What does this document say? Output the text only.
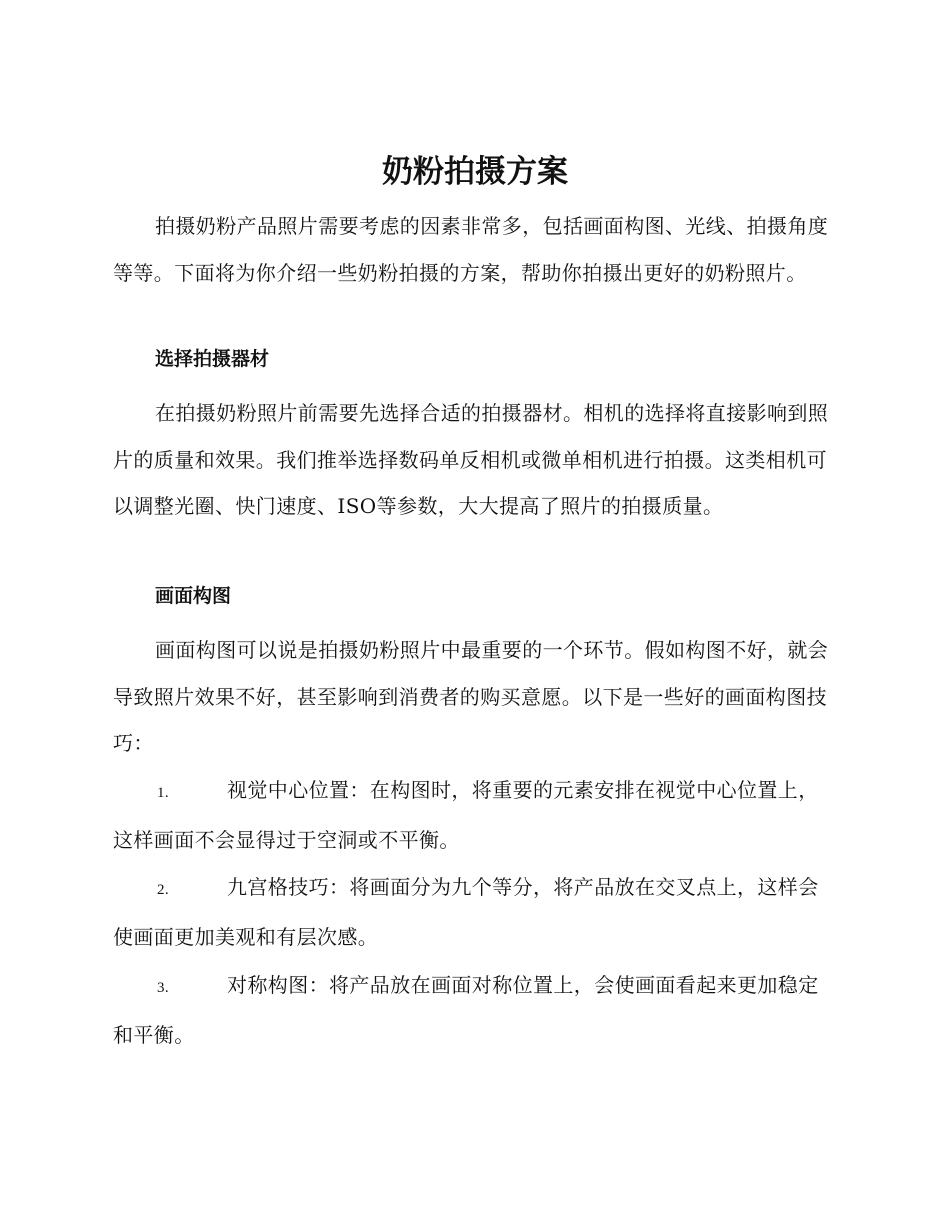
奶粉拍摄方案

拍摄奶粉产品照片需要考虑的因素非常多，包括画面构图、光线、拍摄角度等等。下面将为你介绍一些奶粉拍摄的方案，帮助你拍摄出更好的奶粉照片。

选择拍摄器材

在拍摄奶粉照片前需要先选择合适的拍摄器材。相机的选择将直接影响到照片的质量和效果。我们推举选择数码单反相机或微单相机进行拍摄。这类相机可以调整光圈、快门速度、ISO等参数，大大提高了照片的拍摄质量。

画面构图

画面构图可以说是拍摄奶粉照片中最重要的一个环节。假如构图不好，就会导致照片效果不好，甚至影响到消费者的购买意愿。以下是一些好的画面构图技巧：

1.	视觉中心位置：在构图时，将重要的元素安排在视觉中心位置上，这样画面不会显得过于空洞或不平衡。

2.	九宫格技巧：将画面分为九个等分，将产品放在交叉点上，这样会使画面更加美观和有层次感。

3.	对称构图：将产品放在画面对称位置上，会使画面看起来更加稳定和平衡。
